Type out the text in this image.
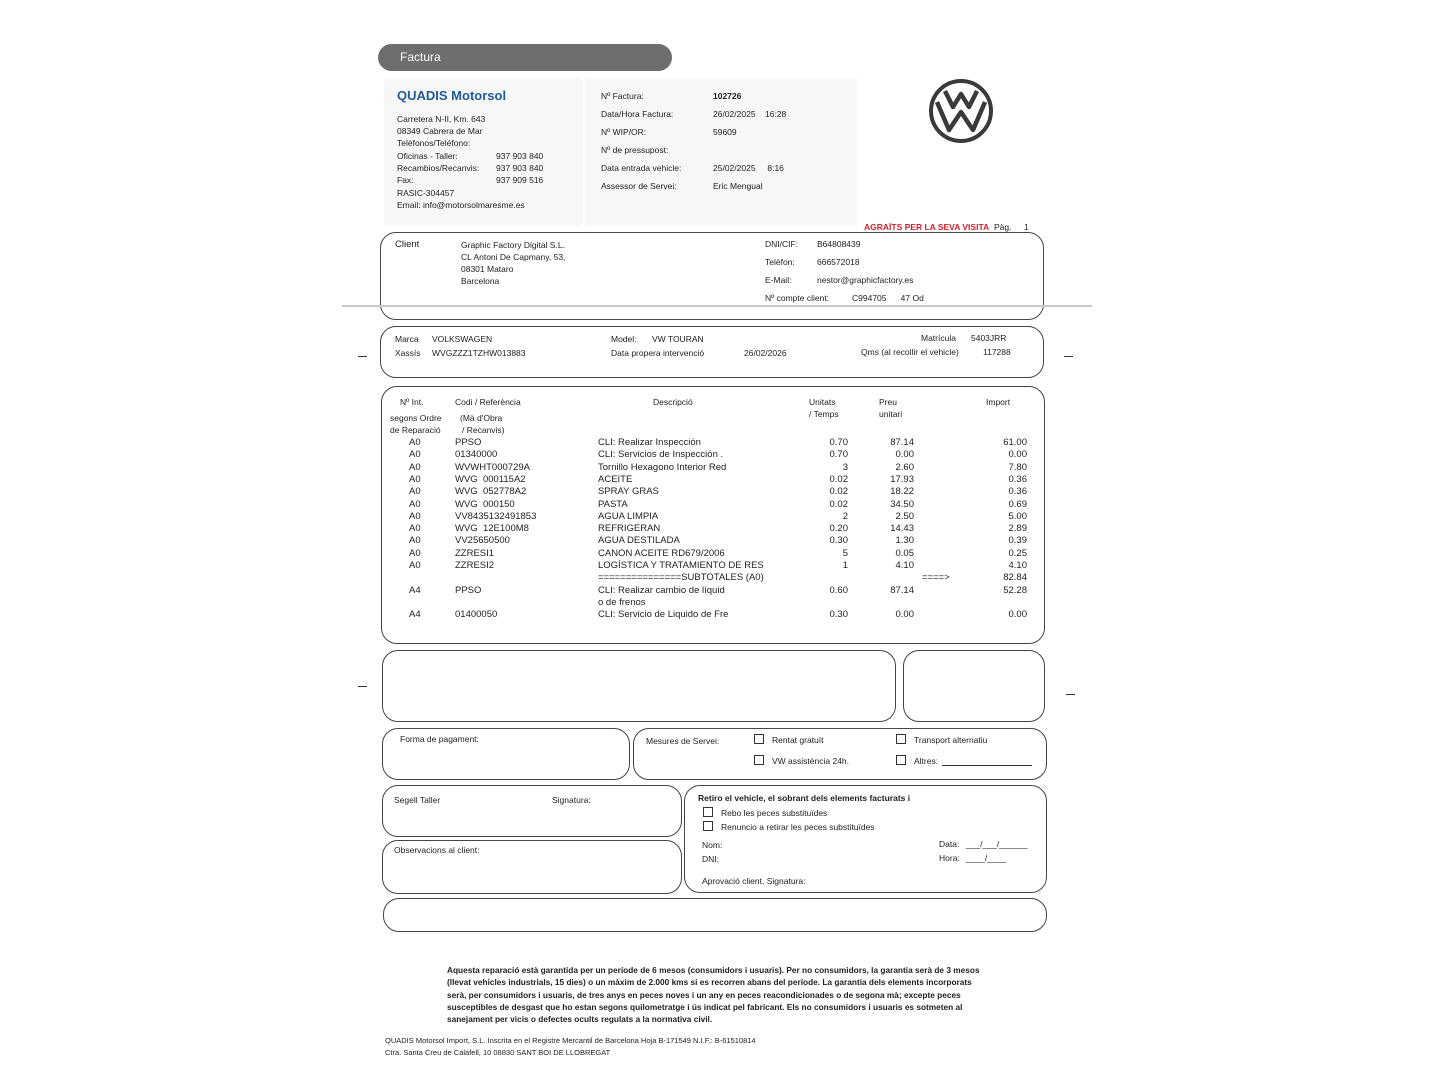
Factura
QUADIS Motorsol
Carretera N-II, Km. 643
08349 Cabrera de Mar
Telèfonos/Teléfono:
Oficinas - Taller:	937 903 840
Recambios/Recanvis: 937 903 840
Fax:	937 909 516
RASIC-304457
Email: info@motorsolmaresme.es
Nº Factura:	102726
Data/Hora Factura:	26/02/2025    16:28
Nº WIP/OR:	59609
Nº de pressupost:
Data entrada vehicle:	25/02/2025     8:16
Assessor de Servei:	Eric Mengual
AGRAÏTS PER LA SEVA VISITA Pàg. 1
Client	Graphic Factory Digital S.L.
CL Antoni De Capmany, 53,
08301 Mataro
Barcelona
DNI/CIF: B64808439
Telèfon:	666572018
E-Mail:	nestor@graphicfactory.es
Nº compte client:	C994705      47 Od
Marca VOLKSWAGEN
Xassís WVGZZZ1TZHW013883
Model: VW TOURAN
Data propera intervenció	26/02/2026
Matrícula 5403JRR
Qms (al recollir el vehicle)	117288
Nº Int.
segons Ordre
de Reparació
Codi / Referència
(Mà d'Obra
/ Recanvis)
Descripció	Unitats
/ Temps
Preu
unitari
Import
A0	PPSO	CLI: Realizar Inspección	0.70	87.14	61.00
A0	01340000	CLI: Servicios de Inspección .	0.70	0.00	0.00
A0	WVWHT000729A	Tornillo Hexagono Interior Red	3	2.60	7.80
A0	WVG  000115A2	ACEITE	0.02	17.93	0.36
A0	WVG  052778A2	SPRAY GRAS	0.02	18.22	0.36
A0	WVG  000150	PASTA	0.02	34.50	0.69
A0	VV8435132491853	AGUA LIMPIA	2	2.50	5.00
A0	WVG  12E100M8	REFRIGERAN	0.20	14.43	2.89
A0	VV25650500	AGUA DESTILADA	0.30	1.30	0.39
A0	ZZRESI1	CANON ACEITE RD679/2006	5	0.05	0.25
A0	ZZRESI2	LOGÍSTICA Y TRATAMIENTO DE RES	1	4.10	4.10
===============SUBTOTALES (A0)	====>	82.84
A4	PPSO	CLI: Realizar cambio de líquid	0.60	87.14	52.28
o de frenos
A4	01400050	CLI: Servicio de Liquido de Fre	0.30	0.00	0.00
Forma de pagament:	Mesures de Servei:	Rentat gratuït	Transport alternatiu
VW assistència 24h.	Altres:
Segell Taller	Signatura:
Observacions al client:
Retiro el vehicle, el sobrant dels elements facturats i
Rebo les peces substituïdes
Renuncio a retirar les peces substituïdes
Nom:
DNI:
Data: ___/___/______
Hora: ____/____
Aprovació client, Signatura:
Aquesta reparació està garantida per un període de 6 mesos (consumidors i usuaris). Per no consumidors, la garantia serà de 3 mesos
(llevat vehicles industrials, 15 dies) o un màxim de 2.000 kms si es recorren abans del període. La garantia dels elements incorporats
serà, per consumidors i usuaris, de tres anys en peces noves i un any en peces reacondicionades o de segona mà; excepte peces
susceptibles de desgast que ho estan segons quilometratge i ús indicat pel fabricant. Els no consumidors i usuaris es sotmeten al
sanejament per vicis o defectes ocults regulats a la normativa civil.
QUADIS Motorsol Import, S.L. Inscrita en el Registre Mercantil de Barcelona Hoja B-171549 N.I.F.: B-61510814
Ctra. Santa Creu de Calafell, 10 08830 SANT BOI DE LLOBREGAT
